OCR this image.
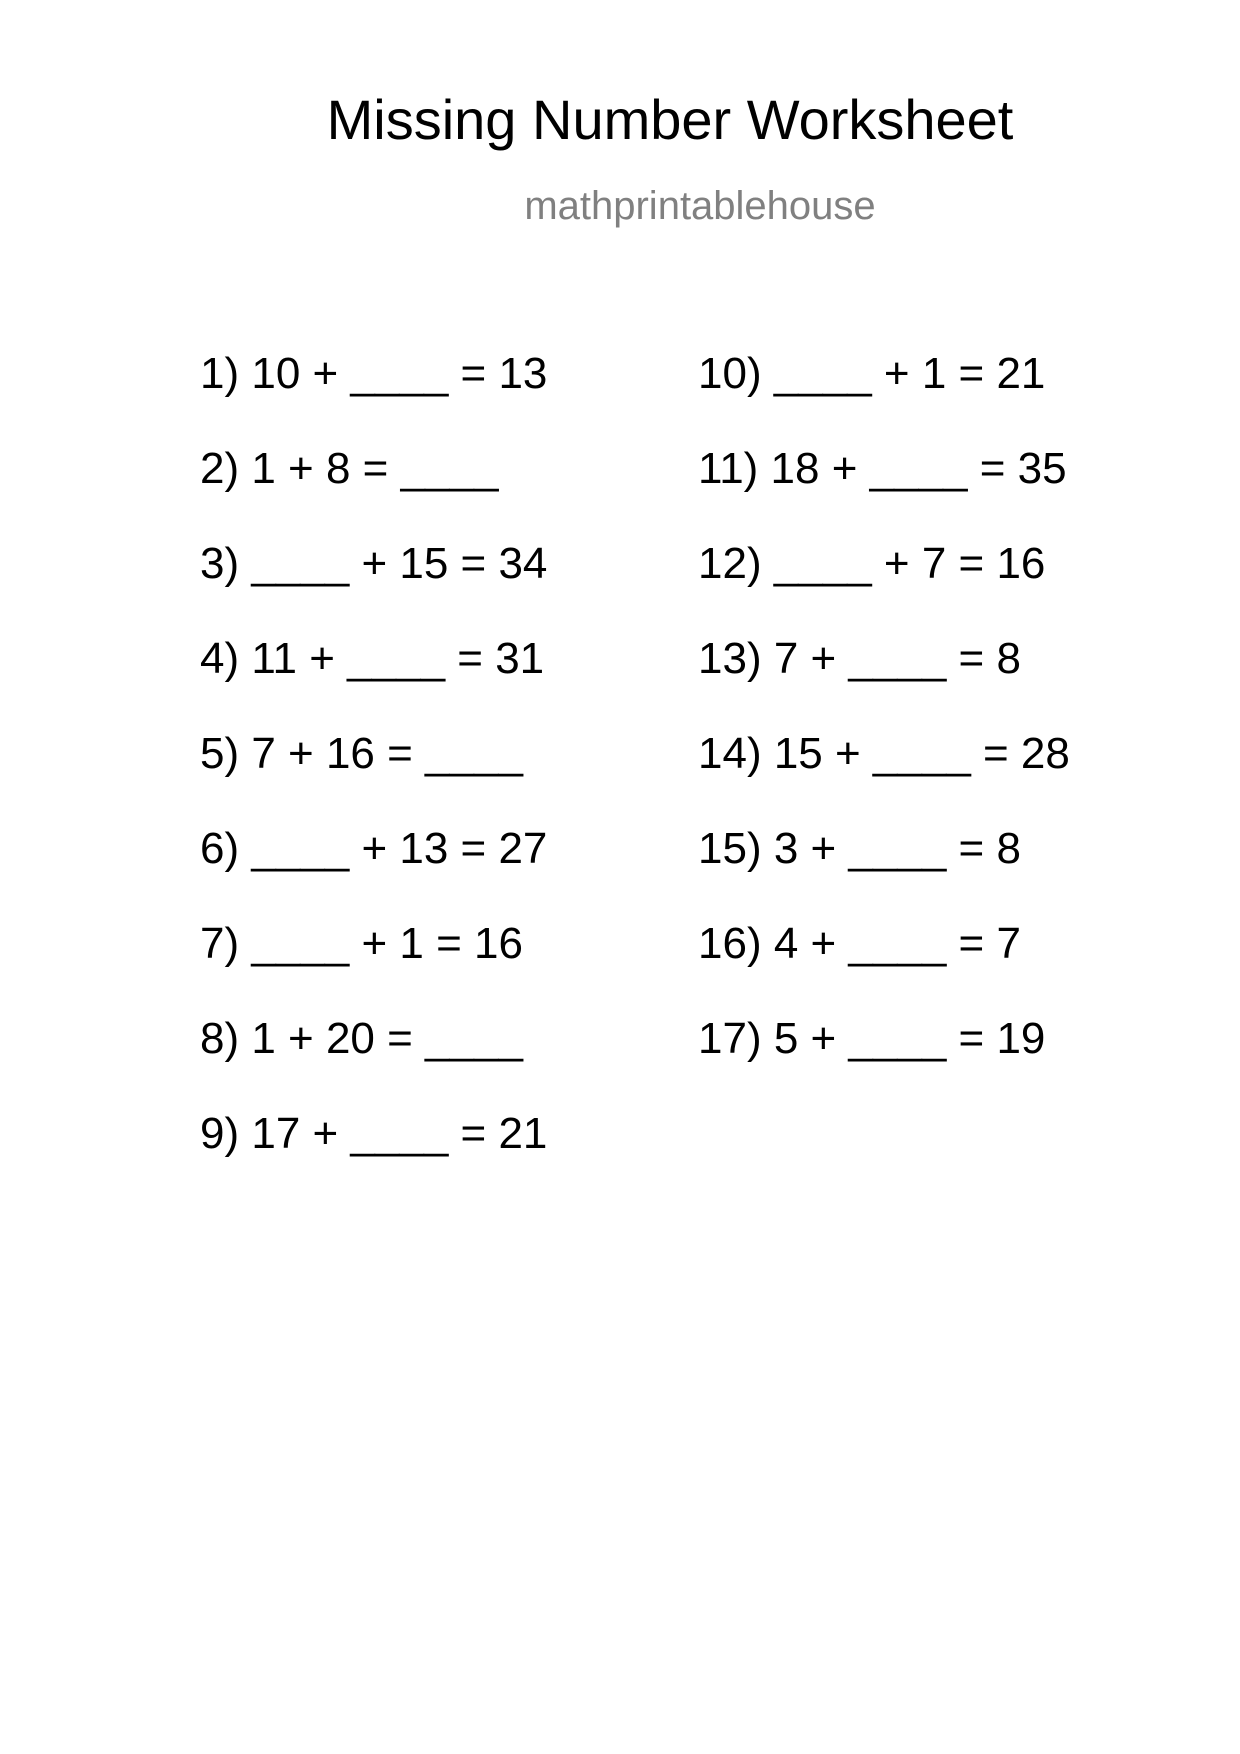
Missing Number Worksheet
mathprintablehouse
1) 10 + ____ = 13
2) 1 + 8 = ____
3) ____ + 15 = 34
4) 11 + ____ = 31
5) 7 + 16 = ____
6) ____ + 13 = 27
7) ____ + 1 = 16
8) 1 + 20 = ____
9) 17 + ____ = 21
10) ____ + 1 = 21
11) 18 + ____ = 35
12) ____ + 7 = 16
13) 7 + ____ = 8
14) 15 + ____ = 28
15) 3 + ____ = 8
16) 4 + ____ = 7
17) 5 + ____ = 19
